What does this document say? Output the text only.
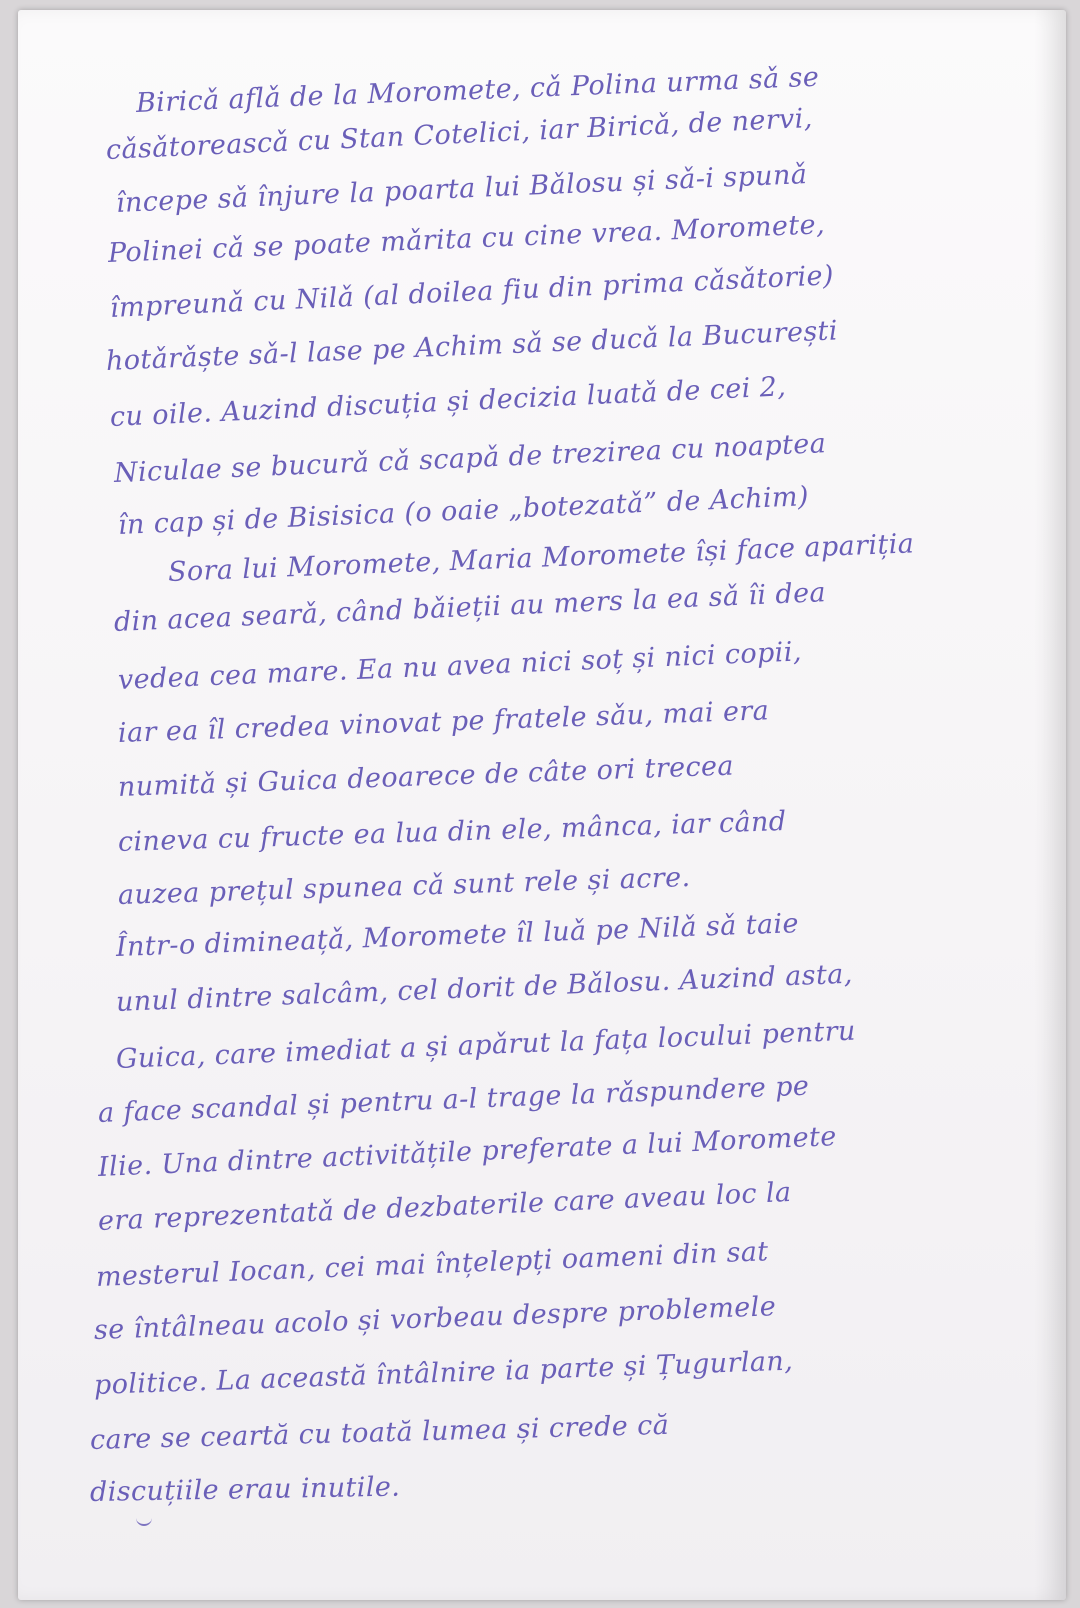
Biricǎ aflǎ de la Moromete, cǎ Polina urma sǎ se
cǎsǎtoreascǎ cu Stan Cotelici, iar Biricǎ, de nervi,
începe sǎ înjure la poarta lui Bǎlosu și sǎ-i spunǎ
Polinei cǎ se poate mǎrita cu cine vrea. Moromete,
împreunǎ cu Nilǎ (al doilea fiu din prima cǎsǎtorie)
hotǎrǎște sǎ-l lase pe Achim sǎ se ducǎ la București
cu oile. Auzind discuția și decizia luatǎ de cei 2,
Niculae se bucurǎ cǎ scapǎ de trezirea cu noaptea
în cap și de Bisisica (o oaie „botezatǎ” de Achim)
Sora lui Moromete, Maria Moromete își face apariția
din acea searǎ, când bǎieții au mers la ea sǎ îi dea
vedea cea mare. Ea nu avea nici soț și nici copii,
iar ea îl credea vinovat pe fratele sǎu, mai era
numitǎ și Guica deoarece de câte ori trecea
cineva cu fructe ea lua din ele, mânca, iar când
auzea prețul spunea cǎ sunt rele și acre.
Într-o dimineațǎ, Moromete îl luǎ pe Nilǎ sǎ taie
unul dintre salcâm, cel dorit de Bǎlosu. Auzind asta,
Guica, care imediat a și apǎrut la fața locului pentru
a face scandal și pentru a-l trage la rǎspundere pe
Ilie. Una dintre activitǎțile preferate a lui Moromete
era reprezentatǎ de dezbaterile care aveau loc la
mesterul Iocan, cei mai înțelepți oameni din sat
se întâlneau acolo și vorbeau despre problemele
politice. La această întâlnire ia parte și Țugurlan,
care se ceartă cu toată lumea și crede că
discuțiile erau inutile.
